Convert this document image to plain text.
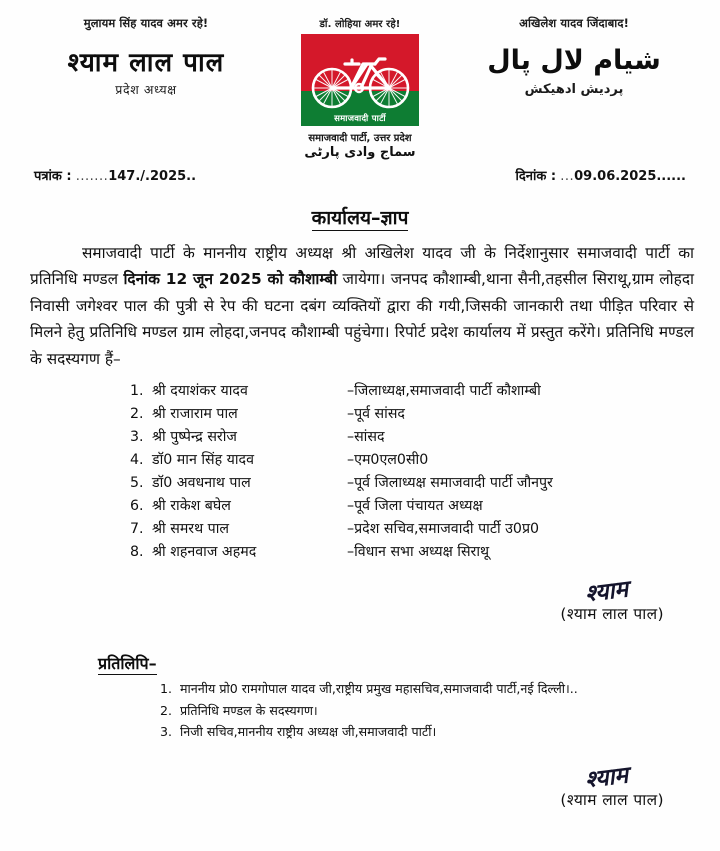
मुलायम सिंह यादव अमर रहे!
श्याम लाल पाल
प्रदेश अध्यक्ष
डॉ. लोहिया अमर रहे!
समाजवादी पार्टी
समाजवादी पार्टी, उत्तर प्रदेश
سماج وادی پارٹی
अखिलेश यादव जिंदाबाद!
شیام لال پال
پردیش ادھیکش
पत्रांक : .......147./.2025..	दिनांक : ...09.06.2025......
कार्यालय–ज्ञाप

समाजवादी पार्टी के माननीय राष्ट्रीय अध्यक्ष श्री अखिलेश यादव जी के निर्देशानुसार समाजवादी पार्टी का प्रतिनिधि मण्डल दिनांक 12 जून 2025 को कौशाम्बी जायेगा। जनपद कौशाम्बी,थाना सैनी,तहसील सिराथू,ग्राम लोहदा निवासी जगेश्वर पाल की पुत्री से रेप की घटना दबंग व्यक्तियों द्वारा की गयी,जिसकी जानकारी तथा पीड़ित परिवार से मिलने हेतु प्रतिनिधि मण्डल ग्राम लोहदा,जनपद कौशाम्बी पहुंचेगा। रिपोर्ट प्रदेश कार्यालय में प्रस्तुत करेंगे। प्रतिनिधि मण्डल के सदस्यगण हैं–

1. श्री दयाशंकर यादव	–जिलाध्यक्ष,समाजवादी पार्टी कौशाम्बी
2. श्री राजाराम पाल	–पूर्व सांसद
3. श्री पुष्पेन्द्र सरोज	–सांसद
4. डॉ0 मान सिंह यादव	–एम0एल0सी0
5. डॉ0 अवधनाथ पाल	–पूर्व जिलाध्यक्ष समाजवादी पार्टी जौनपुर
6. श्री राकेश बघेल	–पूर्व जिला पंचायत अध्यक्ष
7. श्री समरथ पाल	–प्रदेश सचिव,समाजवादी पार्टी उ0प्र0
8. श्री शहनवाज अहमद	–विधान सभा अध्यक्ष सिराथू
श्याम
(श्याम लाल पाल)
प्रतिलिपि–
1. माननीय प्रो0 रामगोपाल यादव जी,राष्ट्रीय प्रमुख महासचिव,समाजवादी पार्टी,नई दिल्ली।..
2. प्रतिनिधि मण्डल के सदस्यगण।
3. निजी सचिव,माननीय राष्ट्रीय अध्यक्ष जी,समाजवादी पार्टी।
श्याम
(श्याम लाल पाल)
